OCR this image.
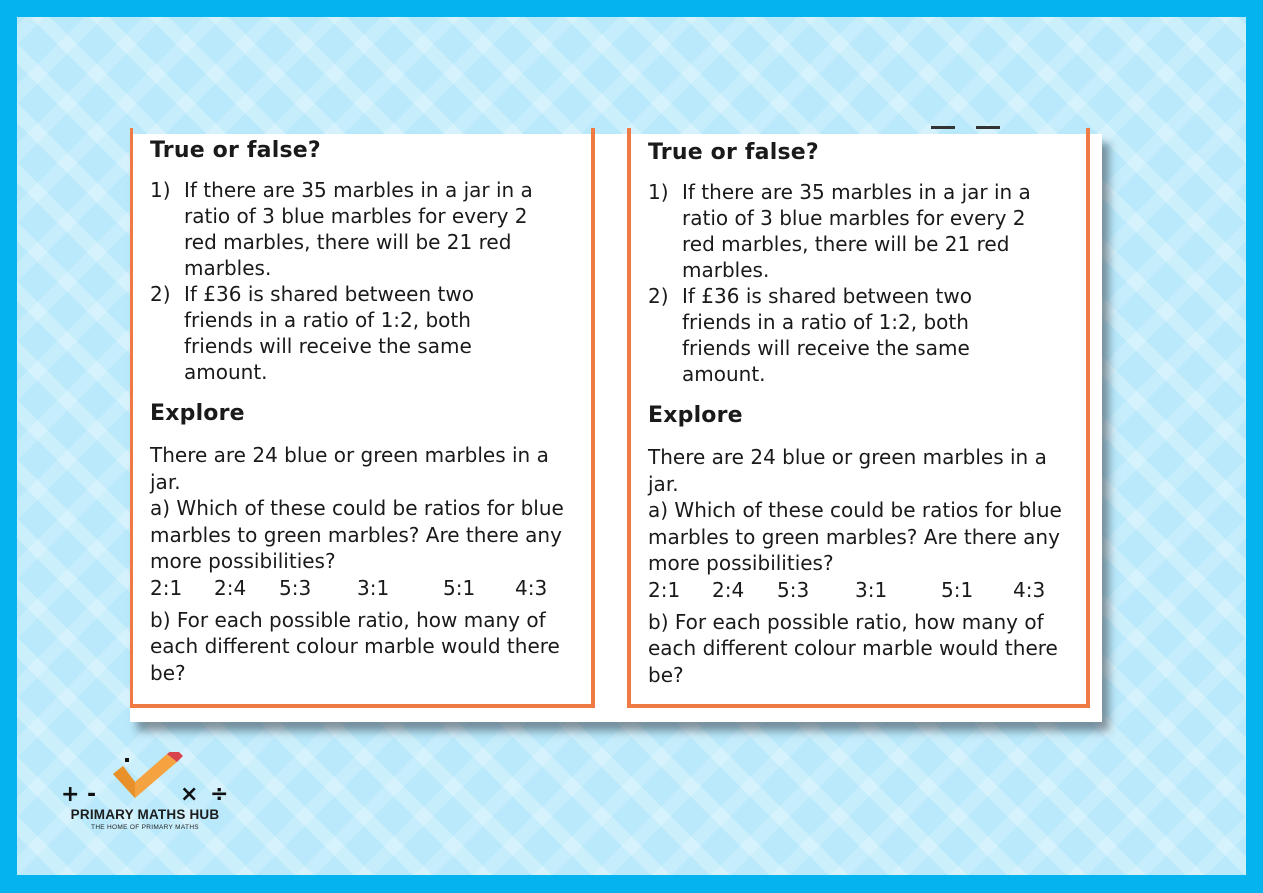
True or false?
1) If there are 35 marbles in a jar in a
ratio of 3 blue marbles for every 2
red marbles, there will be 21 red
marbles.
2) If £36 is shared between two
friends in a ratio of 1:2, both
friends will receive the same
amount.
Explore

There are 24 blue or green marbles in a
jar.
a) Which of these could be ratios for blue
marbles to green marbles? Are there any
more possibilities?

2:1	2:4	5:3	3:1	5:1	4:3

b) For each possible ratio, how many of
each different colour marble would there
be?

True or false?
1) If there are 35 marbles in a jar in a
ratio of 3 blue marbles for every 2
red marbles, there will be 21 red
marbles.
2) If £36 is shared between two
friends in a ratio of 1:2, both
friends will receive the same
amount.
Explore

There are 24 blue or green marbles in a
jar.
a) Which of these could be ratios for blue
marbles to green marbles? Are there any
more possibilities?

2:1	2:4	5:3	3:1	5:1	4:3

b) For each possible ratio, how many of
each different colour marble would there
be?

+ -	× ÷
PRIMARY MATHS HUB
THE HOME OF PRIMARY MATHS
